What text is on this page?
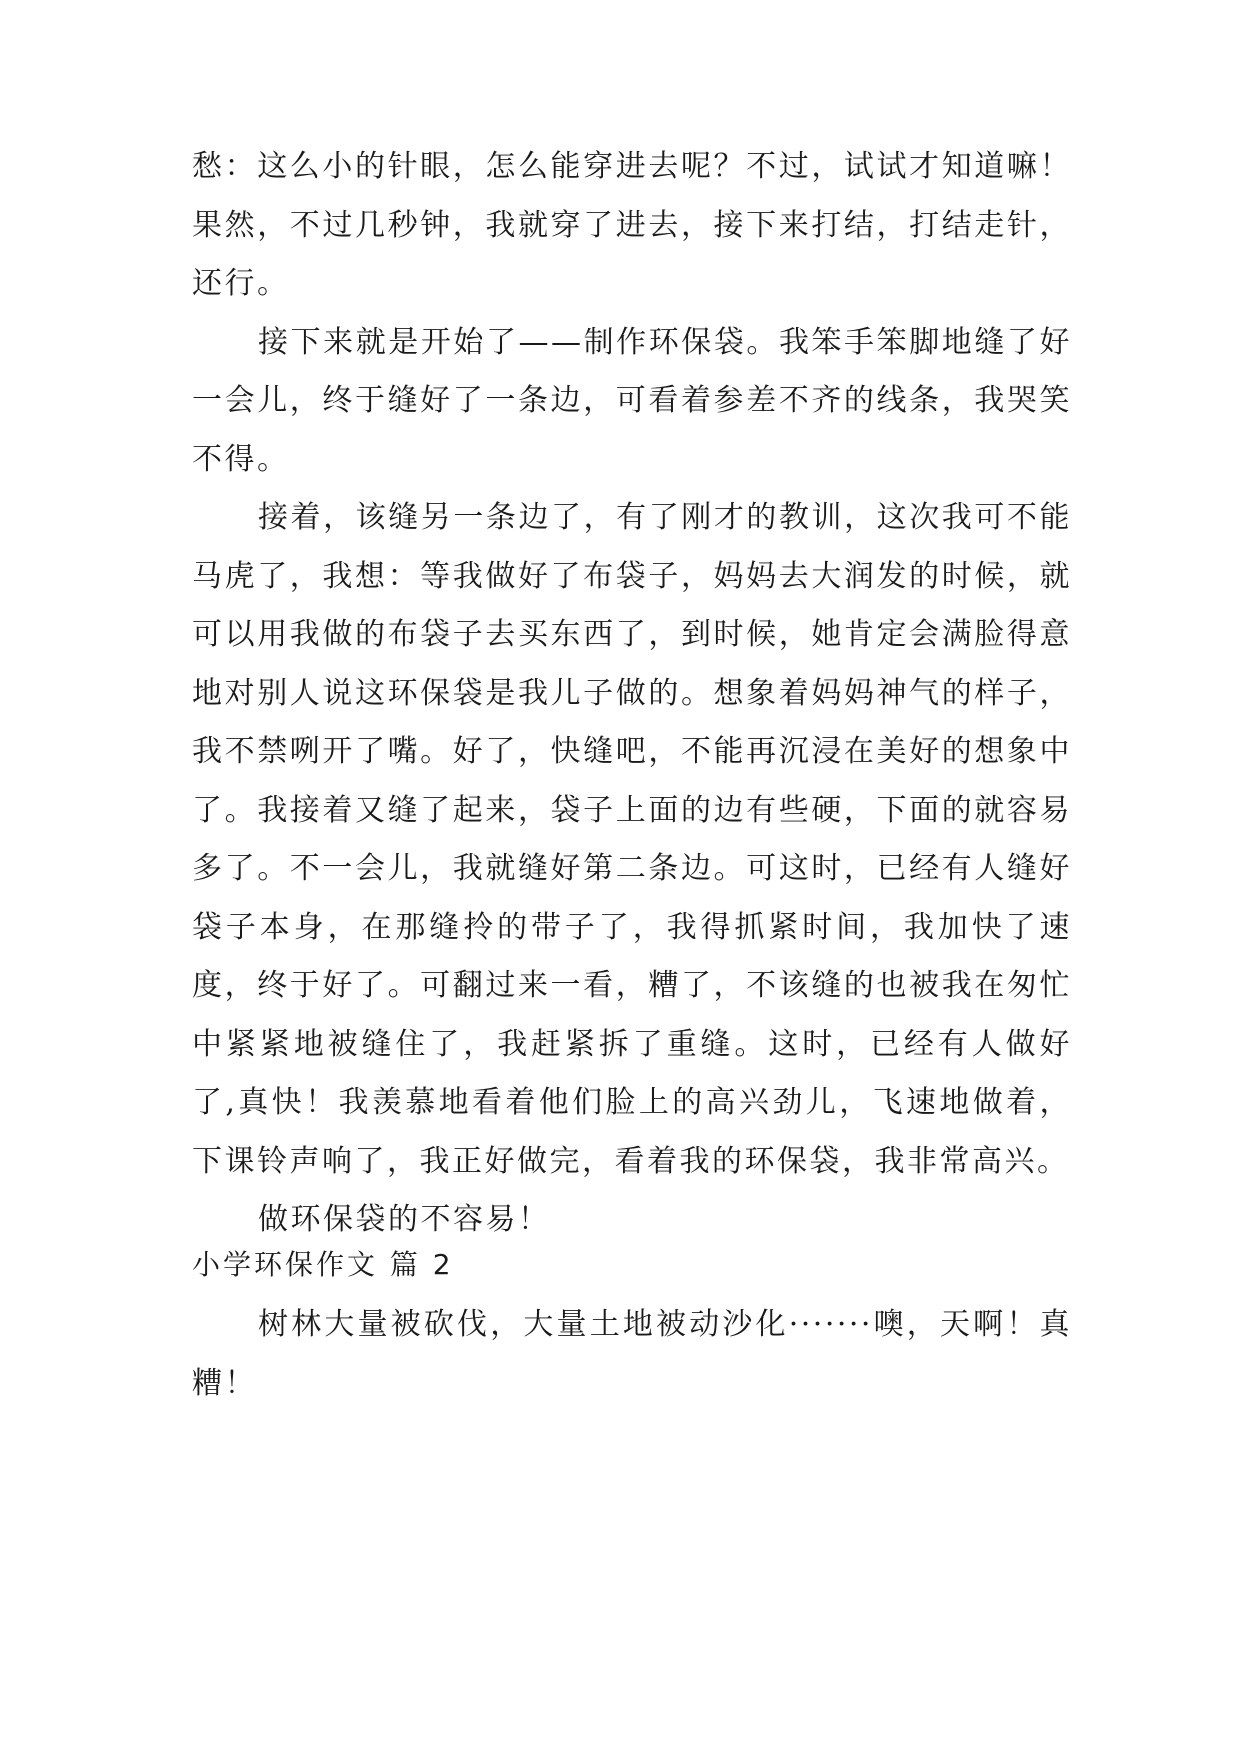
愁：这么小的针眼，怎么能穿进去呢？不过，试试才知道嘛！果然，不过几秒钟，我就穿了进去，接下来打结，打结走针，还行。

接下来就是开始了——制作环保袋。我笨手笨脚地缝了好一会儿，终于缝好了一条边，可看着参差不齐的线条，我哭笑不得。

接着，该缝另一条边了，有了刚才的教训，这次我可不能马虎了，我想：等我做好了布袋子，妈妈去大润发的时候，就可以用我做的布袋子去买东西了，到时候，她肯定会满脸得意地对别人说这环保袋是我儿子做的。想象着妈妈神气的样子，我不禁咧开了嘴。好了，快缝吧，不能再沉浸在美好的想象中了。我接着又缝了起来，袋子上面的边有些硬，下面的就容易多了。不一会儿，我就缝好第二条边。可这时，已经有人缝好袋子本身，在那缝拎的带子了，我得抓紧时间，我加快了速度，终于好了。可翻过来一看，糟了，不该缝的也被我在匆忙中紧紧地被缝住了，我赶紧拆了重缝。这时，已经有人做好了,真快！我羡慕地看着他们脸上的高兴劲儿，飞速地做着，下课铃声响了，我正好做完，看着我的环保袋，我非常高兴。

做环保袋的不容易！

小学环保作文 篇 2

树林大量被砍伐，大量土地被动沙化·······噢，天啊！真糟！
